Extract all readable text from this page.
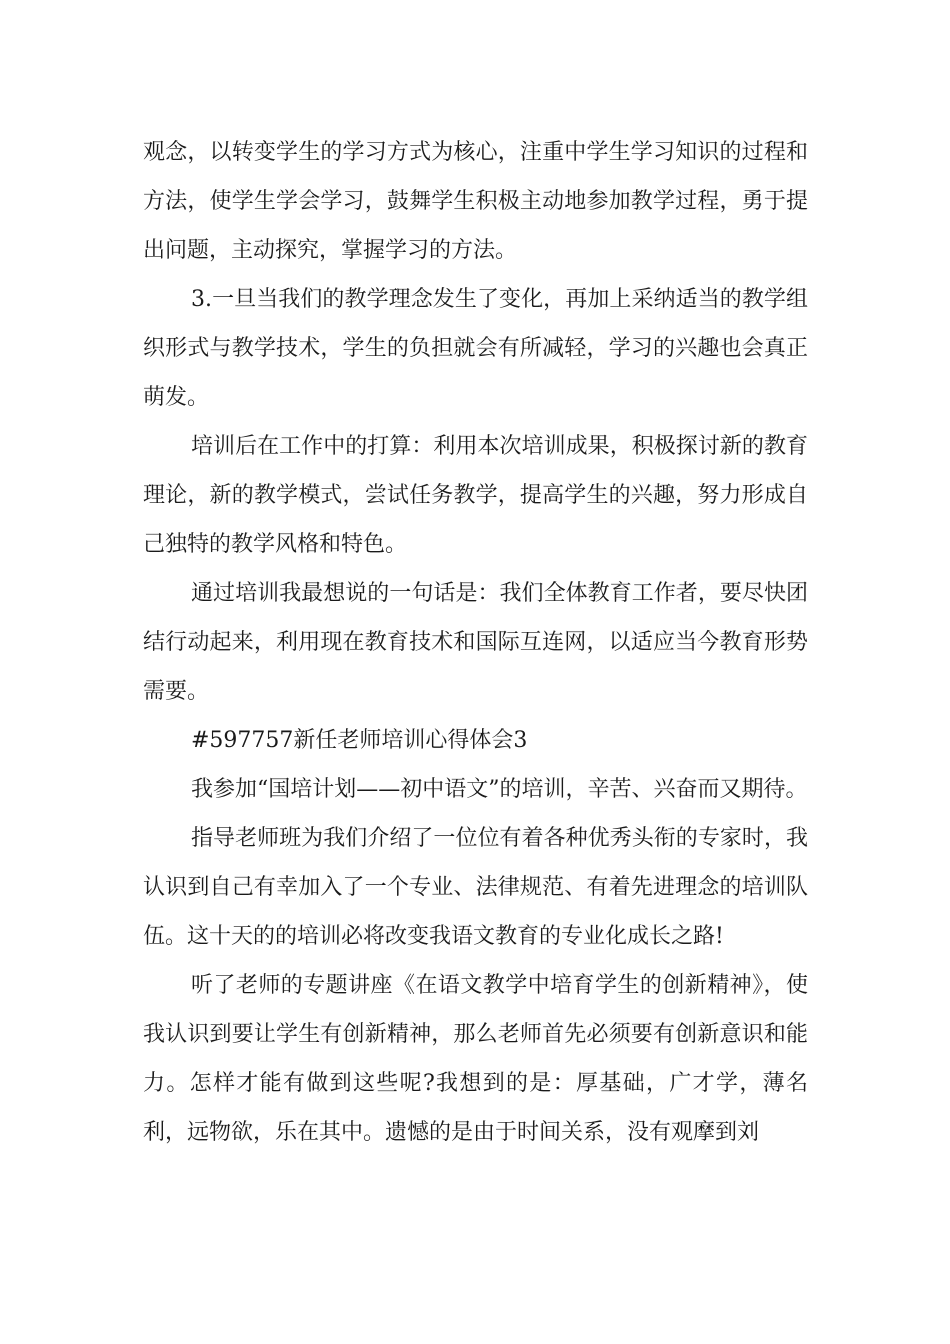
观念，以转变学生的学习方式为核心，注重中学生学习知识的过程和方法，使学生学会学习，鼓舞学生积极主动地参加教学过程，勇于提出问题，主动探究，掌握学习的方法。

3.一旦当我们的教学理念发生了变化，再加上采纳适当的教学组织形式与教学技术，学生的负担就会有所减轻，学习的兴趣也会真正萌发。

培训后在工作中的打算：利用本次培训成果，积极探讨新的教育理论，新的教学模式，尝试任务教学，提高学生的兴趣，努力形成自己独特的教学风格和特色。

通过培训我最想说的一句话是：我们全体教育工作者，要尽快团结行动起来，利用现在教育技术和国际互连网，以适应当今教育形势需要。

#597757新任老师培训心得体会3

我参加“国培计划——初中语文”的培训，辛苦、兴奋而又期待。

指导老师班为我们介绍了一位位有着各种优秀头衔的专家时，我认识到自己有幸加入了一个专业、法律规范、有着先进理念的培训队伍。这十天的的培训必将改变我语文教育的专业化成长之路!

听了老师的专题讲座《在语文教学中培育学生的创新精神》，使我认识到要让学生有创新精神，那么老师首先必须要有创新意识和能力。怎样才能有做到这些呢?我想到的是：厚基础，广才学，薄名利，远物欲，乐在其中。遗憾的是由于时间关系，没有观摩到刘
